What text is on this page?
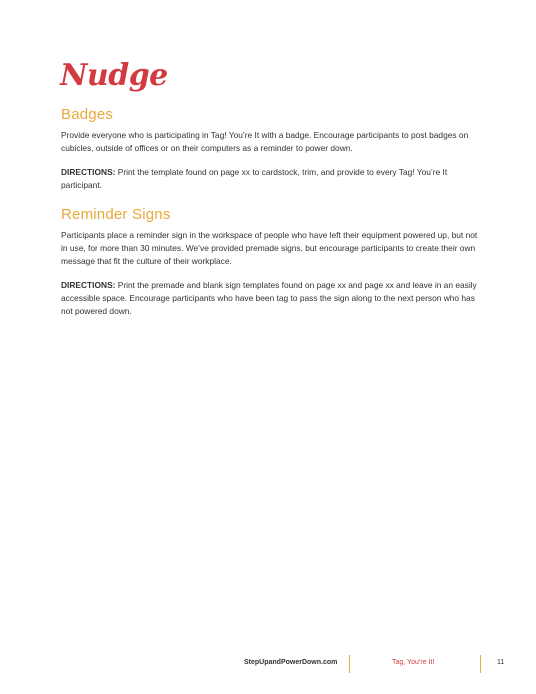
Nudge
Badges

Provide everyone who is participating in Tag! You’re It with a badge. Encourage participants to post badges on cubicles, outside of offices or on their computers as a reminder to power down.

DIRECTIONS: Print the template found on page xx to cardstock, trim, and provide to every Tag! You’re It participant.

Reminder Signs

Participants place a reminder sign in the workspace of people who have left their equipment powered up, but not in use, for more than 30 minutes. We’ve provided premade signs, but encourage participants to create their own message that fit the culture of their workplace.

DIRECTIONS: Print the premade and blank sign templates found on page xx and page xx and leave in an easily accessible space. Encourage participants who have been tag to pass the sign along to the next person who has not powered down.

StepUpandPowerDown.com	Tag, You’re It!	11
